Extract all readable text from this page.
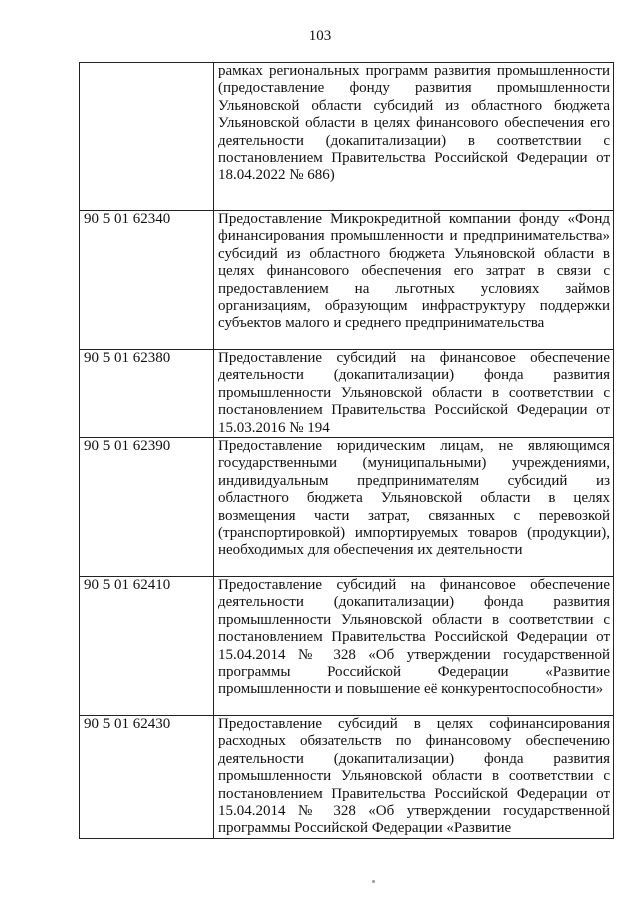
103

	рамках региональных программ развития промышленности (предоставление фонду развития промышленности Ульяновской области субсидий из областного бюджета Ульяновской области в целях финансового обеспечения его деятельности (докапитализации) в соответствии с постановлением Правительства Российской Федерации от 18.04.2022 № 686)

90 5 01 62340	Предоставление Микрокредитной компании фонду «Фонд финансирования промышленности и предпринимательства» субсидий из областного бюджета Ульяновской области в целях финансового обеспечения его затрат в связи с предоставлением на льготных условиях займов организациям, образующим инфраструктуру поддержки субъектов малого и среднего предпринимательства

90 5 01 62380	Предоставление субсидий на финансовое обеспечение деятельности (докапитализации) фонда развития промышленности Ульяновской области в соответствии с постановлением Правительства Российской Федерации от 15.03.2016 № 194

90 5 01 62390	Предоставление юридическим лицам, не являющимся государственными (муниципальными) учреждениями, индивидуальным предпринимателям субсидий из областного бюджета Ульяновской области в целях возмещения части затрат, связанных с перевозкой (транспортировкой) импортируемых товаров (продукции), необходимых для обеспечения их деятельности

90 5 01 62410	Предоставление субсидий на финансовое обеспечение деятельности (докапитализации) фонда развития промышленности Ульяновской области в соответствии с постановлением Правительства Российской Федерации от 15.04.2014 № 328 «Об утверждении государственной программы Российской Федерации «Развитие промышленности и повышение её конкурентоспособности»

90 5 01 62430	Предоставление субсидий в целях софинансирования расходных обязательств по финансовому обеспечению деятельности (докапитализации) фонда развития промышленности Ульяновской области в соответствии с постановлением Правительства Российской Федерации от 15.04.2014 № 328 «Об утверждении государственной программы Российской Федерации «Развитие
